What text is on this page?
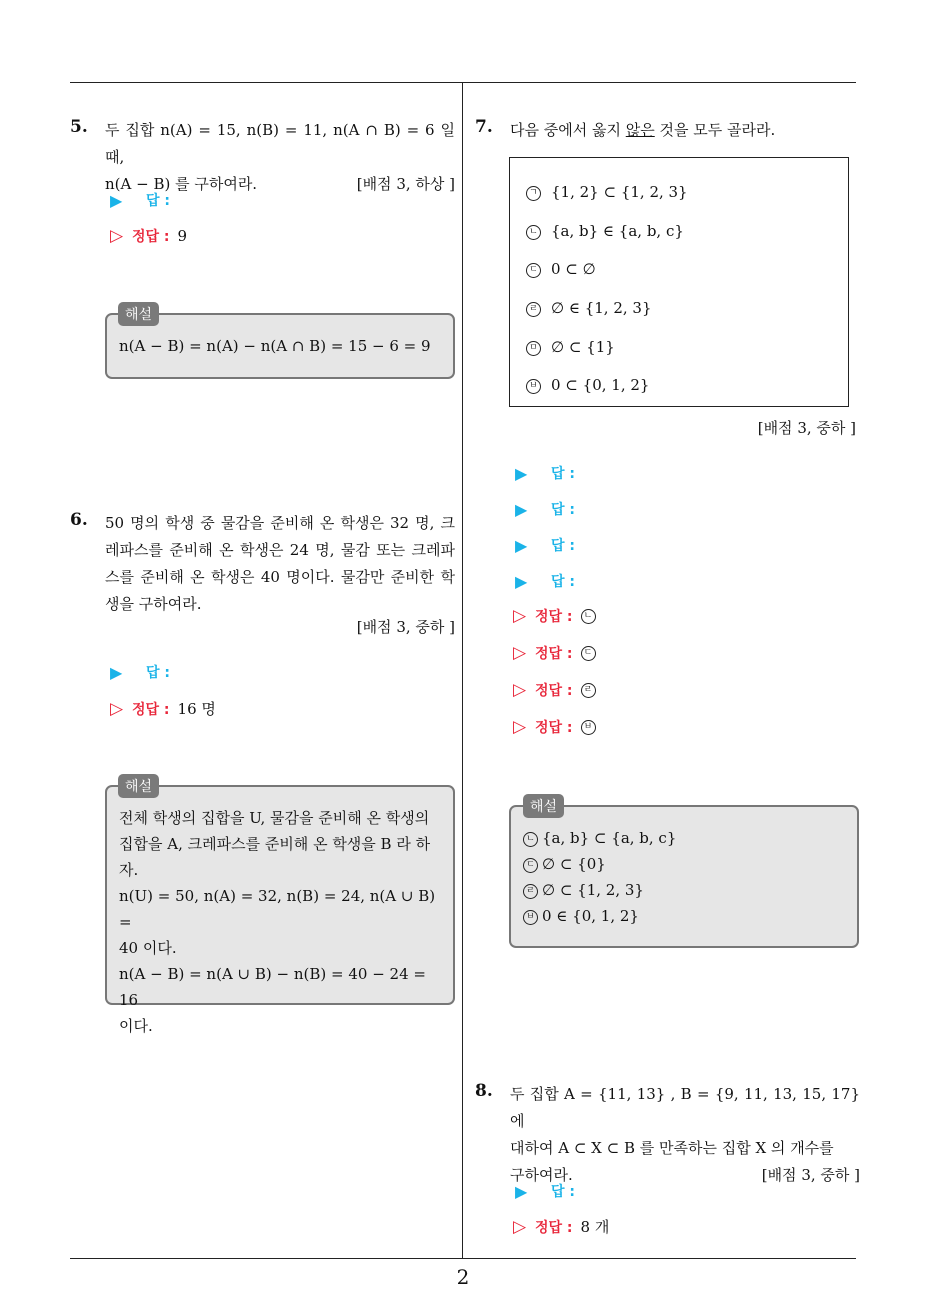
5. 두 집합 n(A) = 15, n(B) = 11, n(A ∩ B) = 6 일 때,
n(A − B) 를 구하여라.	[배점 3, 하상 ]
▶	답 :
▷ 정답 : 9
n(A − B) = n(A) − n(A ∩ B) = 15 − 6 = 9
해설
6. 50 명의 학생 중 물감을 준비해 온 학생은 32 명, 크레파스를 준비해 온 학생은 24 명, 물감 또는 크레파스를 준비해 온 학생은 40 명이다. 물감만 준비한 학생을 구하여라.
[배점 3, 중하 ]
▶	답 :
▷ 정답 : 16 명
전체 학생의 집합을 U, 물감을 준비해 온 학생의
집합을 A, 크레파스를 준비해 온 학생을 B 라 하
자.
n(U) = 50, n(A) = 32, n(B) = 24, n(A ∪ B) =
40 이다.
n(A − B) = n(A ∪ B) − n(B) = 40 − 24 = 16
이다.
해설
7. 다음 중에서 옳지 않은 것을 모두 골라라.
ㄱ {1, 2} ⊂ {1, 2, 3}
ㄴ {a, b} ∈ {a, b, c}
ㄷ 0 ⊂ ∅
ㄹ ∅ ∈ {1, 2, 3}
ㅁ ∅ ⊂ {1}
ㅂ 0 ⊂ {0, 1, 2}
[배점 3, 중하 ]
▶	답 :
▶	답 :
▶	답 :
▶	답 :
▷ 정답 :	ㄴ
▷ 정답 :	ㄷ
▷ 정답 :	ㄹ
▷ 정답 :	ㅂ
ㄴ {a, b} ⊂ {a, b, c}
ㄷ ∅ ⊂ {0}
ㄹ ∅ ⊂ {1, 2, 3}
ㅂ 0 ∈ {0, 1, 2}
해설
8. 두 집합 A = {11, 13} , B = {9, 11, 13, 15, 17} 에
대하여 A ⊂ X ⊂ B 를 만족하는 집합 X 의 개수를
구하여라.	[배점 3, 중하 ]
▶	답 :
▷ 정답 : 8 개
2
